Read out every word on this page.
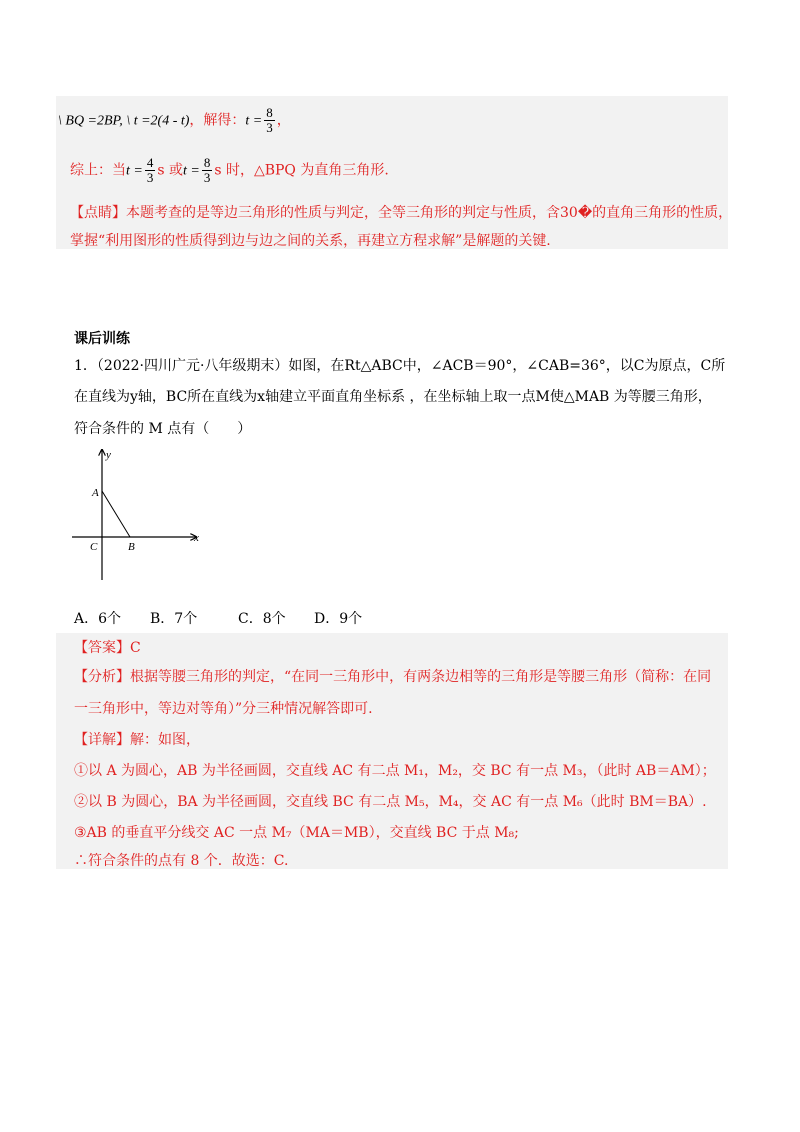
\ BQ =2BP, \ t =2(4 - t)，解得：$t = \frac{8}{3}$ ，
综上：当$t = \frac{4}{3}$ s 或$t = \frac{8}{3}$ s 时，△BPQ 为直角三角形.
【点睛】本题考查的是等边三角形的性质与判定，全等三角形的判定与性质，含30�的直角三角形的性质，
掌握“利用图形的性质得到边与边之间的关系，再建立方程求解”是解题的关键.
课后训练
1．（2022·四川广元·八年级期末）如图，在Rt△ABC中，∠ACB＝90°，∠CAB=36°，以C为原点，C所
在直线为y轴，BC所在直线为x轴建立平面直角坐标系 ，在坐标轴上取一点M使△MAB 为等腰三角形，
符合条件的 M 点有（　　）
y
x
A
B
C
A．6个 B．7个	C．8个 D．9个
【答案】C
【分析】根据等腰三角形的判定，“在同一三角形中，有两条边相等的三角形是等腰三角形（简称：在同
一三角形中，等边对等角）”分三种情况解答即可.
【详解】解：如图，
①以 A 为圆心，AB 为半径画圆，交直线 AC 有二点 M₁，M₂，交 BC 有一点 M₃，（此时 AB＝AM）；
②以 B 为圆心，BA 为半径画圆，交直线 BC 有二点 M₅，M₄，交 AC 有一点 M₆（此时 BM＝BA）.
③AB 的垂直平分线交 AC 一点 M₇（MA＝MB），交直线 BC 于点 M₈;
∴符合条件的点有 8 个．故选：C.
